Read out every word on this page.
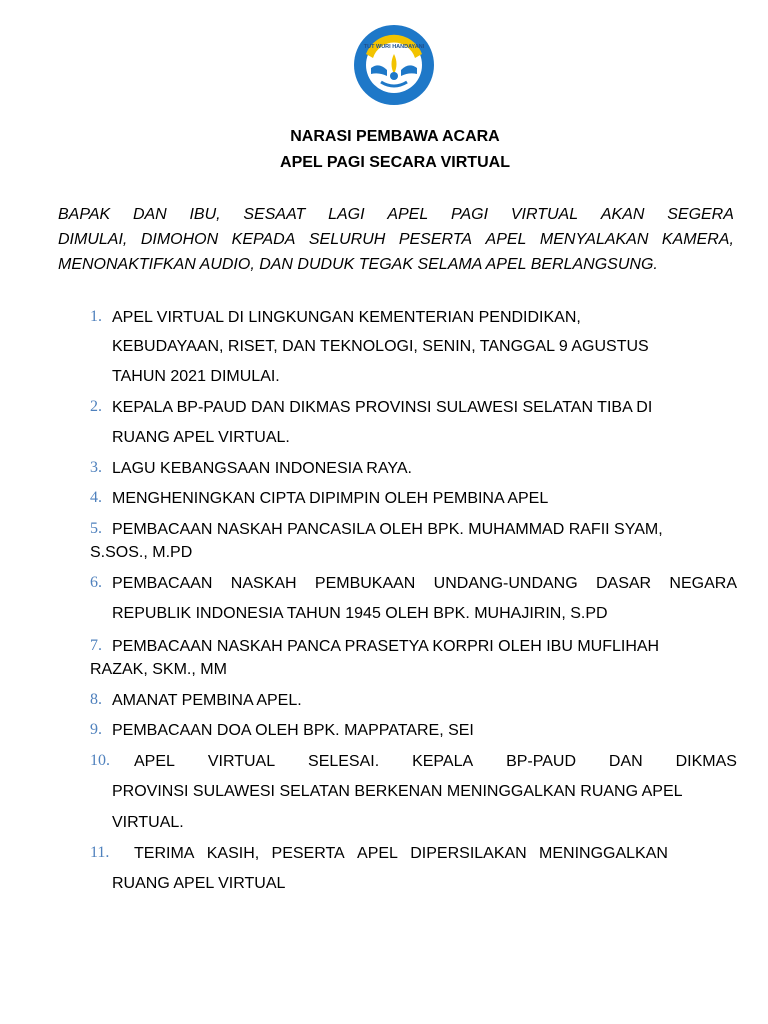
TUT WURI HANDAYANI
NARASI PEMBAWA ACARA
APEL PAGI SECARA VIRTUAL
BAPAK DAN IBU, SESAAT LAGI APEL PAGI VIRTUAL AKAN SEGERA
DIMULAI, DIMOHON KEPADA SELURUH PESERTA APEL MENYALAKAN KAMERA,
MENONAKTIFKAN AUDIO, DAN DUDUK TEGAK SELAMA APEL BERLANGSUNG.
1. APEL VIRTUAL DI LINGKUNGAN KEMENTERIAN PENDIDIKAN,
KEBUDAYAAN, RISET, DAN TEKNOLOGI, SENIN, TANGGAL 9 AGUSTUS
TAHUN 2021 DIMULAI.
2. KEPALA BP-PAUD DAN DIKMAS PROVINSI SULAWESI SELATAN TIBA DI
RUANG APEL VIRTUAL.
3. LAGU KEBANGSAAN INDONESIA RAYA.
4. MENGHENINGKAN CIPTA DIPIMPIN OLEH PEMBINA APEL
5. PEMBACAAN NASKAH PANCASILA OLEH BPK. MUHAMMAD RAFII SYAM,
S.SOS., M.PD
6. PEMBACAAN NASKAH PEMBUKAAN UNDANG-UNDANG DASAR NEGARA
REPUBLIK INDONESIA TAHUN 1945 OLEH BPK. MUHAJIRIN, S.PD
7. PEMBACAAN NASKAH PANCA PRASETYA KORPRI OLEH IBU MUFLIHAH
RAZAK, SKM., MM
8. AMANAT PEMBINA APEL.
9. PEMBACAAN DOA OLEH BPK. MAPPATARE, SEI
10. APEL VIRTUAL SELESAI. KEPALA BP-PAUD DAN DIKMAS
PROVINSI SULAWESI SELATAN BERKENAN MENINGGALKAN RUANG APEL
VIRTUAL.
11. TERIMA KASIH, PESERTA APEL DIPERSILAKAN MENINGGALKAN
RUANG APEL VIRTUAL
